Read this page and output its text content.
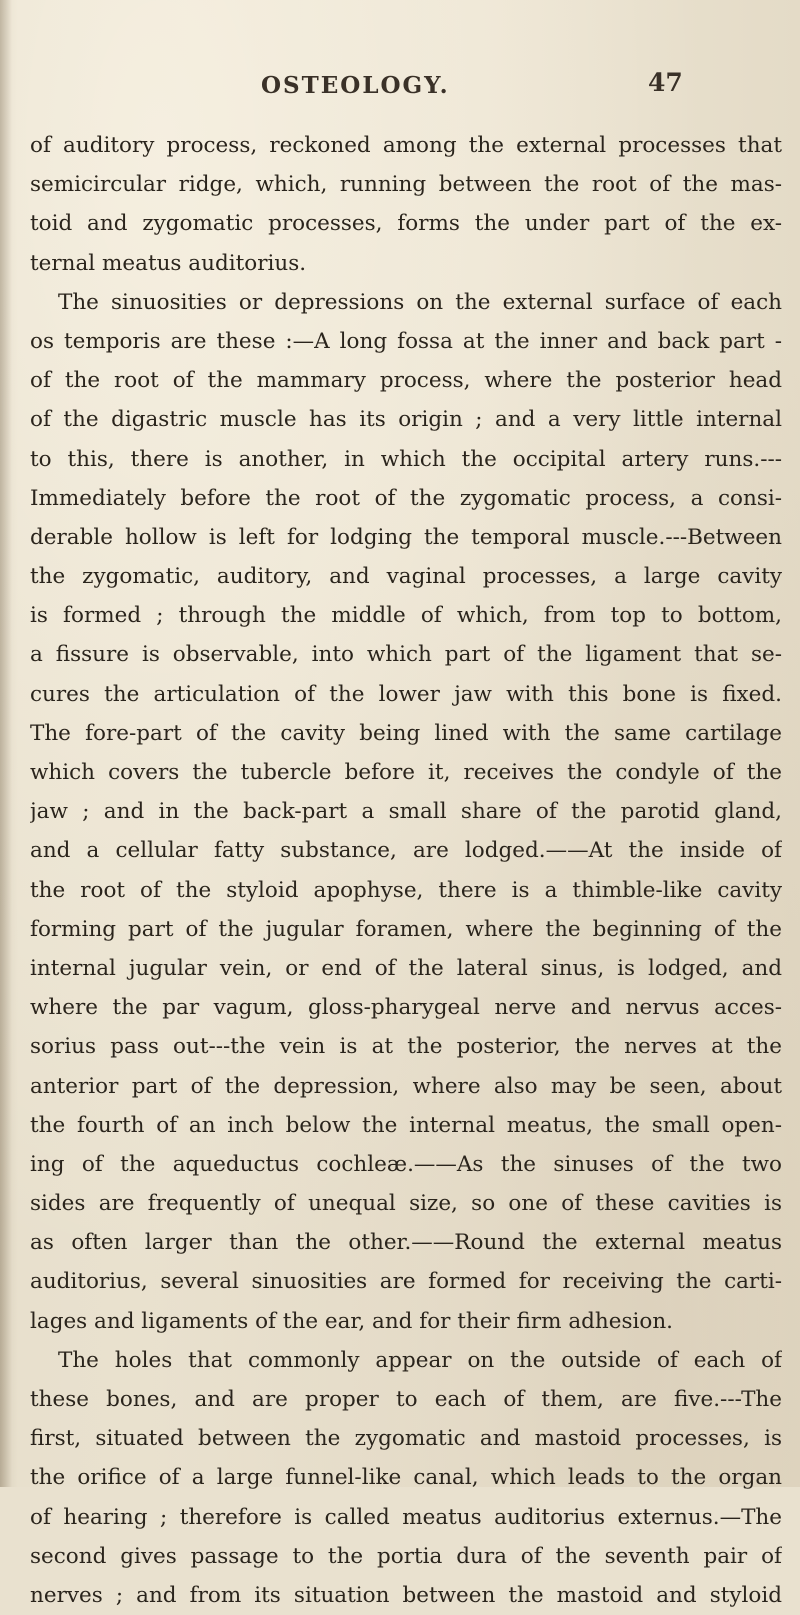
OSTEOLOGY.	47
of auditory process, reckoned among the external processes that
semicircular ridge, which, running between the root of the mas-
toid and zygomatic processes, forms the under part of the ex-
ternal meatus auditorius.
The sinuosities or depressions on the external surface of each
os temporis are these :—A long fossa at the inner and back part -
of the root of the mammary process, where the posterior head
of the digastric muscle has its origin ; and a very little internal
to this, there is another, in which the occipital artery runs.---
Immediately before the root of the zygomatic process, a consi-
derable hollow is left for lodging the temporal muscle.---Between
the zygomatic, auditory, and vaginal processes, a large cavity
is formed ; through the middle of which, from top to bottom,
a fissure is observable, into which part of the ligament that se-
cures the articulation of the lower jaw with this bone is fixed.
The fore-part of the cavity being lined with the same cartilage
which covers the tubercle before it, receives the condyle of the
jaw ; and in the back-part a small share of the parotid gland,
and a cellular fatty substance, are lodged.——At the inside of
the root of the styloid apophyse, there is a thimble-like cavity
forming part of the jugular foramen, where the beginning of the
internal jugular vein, or end of the lateral sinus, is lodged, and
where the par vagum, gloss-pharygeal nerve and nervus acces-
sorius pass out---the vein is at the posterior, the nerves at the
anterior part of the depression, where also may be seen, about
the fourth of an inch below the internal meatus, the small open-
ing of the aqueductus cochleæ.——As the sinuses of the two
sides are frequently of unequal size, so one of these cavities is
as often larger than the other.——Round the external meatus
auditorius, several sinuosities are formed for receiving the carti-
lages and ligaments of the ear, and for their firm adhesion.
The holes that commonly appear on the outside of each of
these bones, and are proper to each of them, are five.---The
first, situated between the zygomatic and mastoid processes, is
the orifice of a large funnel-like canal, which leads to the organ
of hearing ; therefore is called meatus auditorius externus.—The
second gives passage to the portia dura of the seventh pair of
nerves ; and from its situation between the mastoid and styloid
